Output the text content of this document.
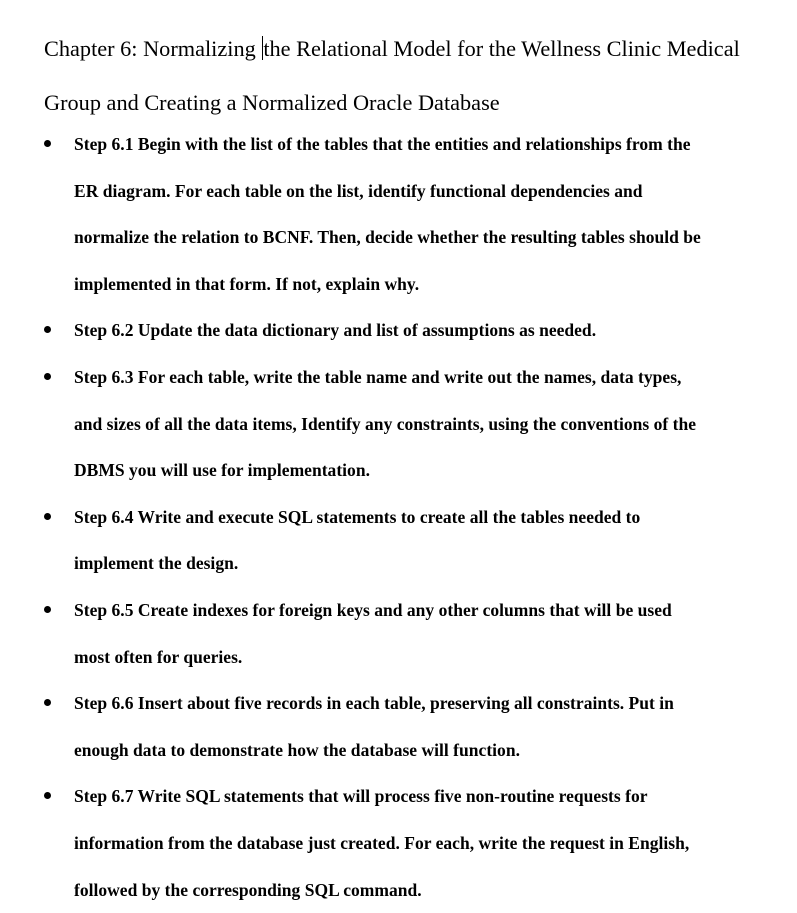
Chapter 6: Normalizing the Relational Model for the Wellness Clinic Medical
Group and Creating a Normalized Oracle Database
Step 6.1 Begin with the list of the tables that the entities and relationships from the
ER diagram. For each table on the list, identify functional dependencies and
normalize the relation to BCNF. Then, decide whether the resulting tables should be
implemented in that form. If not, explain why.
Step 6.2 Update the data dictionary and list of assumptions as needed.
Step 6.3 For each table, write the table name and write out the names, data types,
and sizes of all the data items, Identify any constraints, using the conventions of the
DBMS you will use for implementation.
Step 6.4 Write and execute SQL statements to create all the tables needed to
implement the design.
Step 6.5 Create indexes for foreign keys and any other columns that will be used
most often for queries.
Step 6.6 Insert about five records in each table, preserving all constraints. Put in
enough data to demonstrate how the database will function.
Step 6.7 Write SQL statements that will process five non-routine requests for
information from the database just created. For each, write the request in English,
followed by the corresponding SQL command.
